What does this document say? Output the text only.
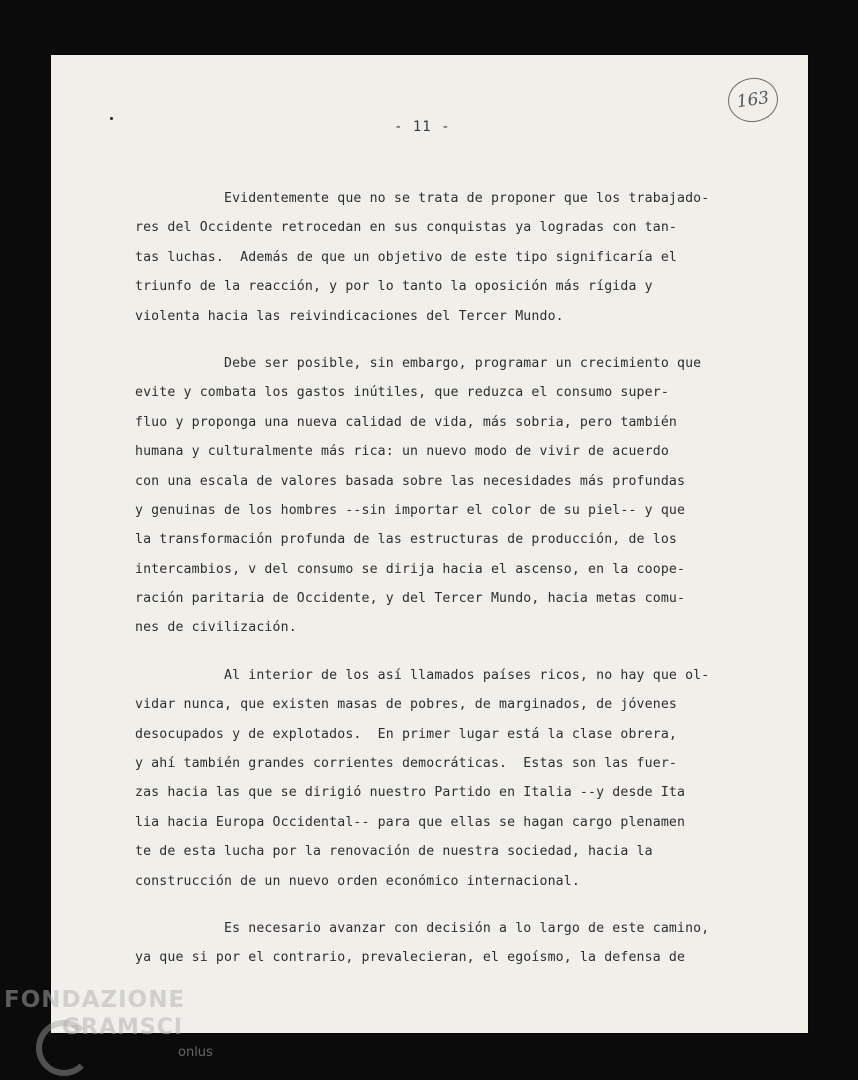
- 11 -
163
Evidentemente que no se trata de proponer que los trabajado-
res del Occidente retrocedan en sus conquistas ya logradas con tan-
tas luchas.  Además de que un objetivo de este tipo significaría el
triunfo de la reacción, y por lo tanto la oposición más rígida y
violenta hacia las reivindicaciones del Tercer Mundo.
Debe ser posible, sin embargo, programar un crecimiento que
evite y combata los gastos inútiles, que reduzca el consumo super-
fluo y proponga una nueva calidad de vida, más sobria, pero también
humana y culturalmente más rica: un nuevo modo de vivir de acuerdo
con una escala de valores basada sobre las necesidades más profundas
y genuinas de los hombres --sin importar el color de su piel-- y que
la transformación profunda de las estructuras de producción, de los
intercambios, v del consumo se dirija hacia el ascenso, en la coope-
ración paritaria de Occidente, y del Tercer Mundo, hacia metas comu-
nes de civilización.
Al interior de los así llamados países ricos, no hay que ol-
vidar nunca, que existen masas de pobres, de marginados, de jóvenes
desocupados y de explotados.  En primer lugar está la clase obrera,
y ahí también grandes corrientes democráticas.  Estas son las fuer-
zas hacia las que se dirigió nuestro Partido en Italia --y desde Ita
lia hacia Europa Occidental-- para que ellas se hagan cargo plenamen
te de esta lucha por la renovación de nuestra sociedad, hacia la
construcción de un nuevo orden económico internacional.
Es necesario avanzar con decisión a lo largo de este camino,
ya que si por el contrario, prevalecieran, el egoísmo, la defensa de
FONDAZIONE
GRAMSCI
onlus
